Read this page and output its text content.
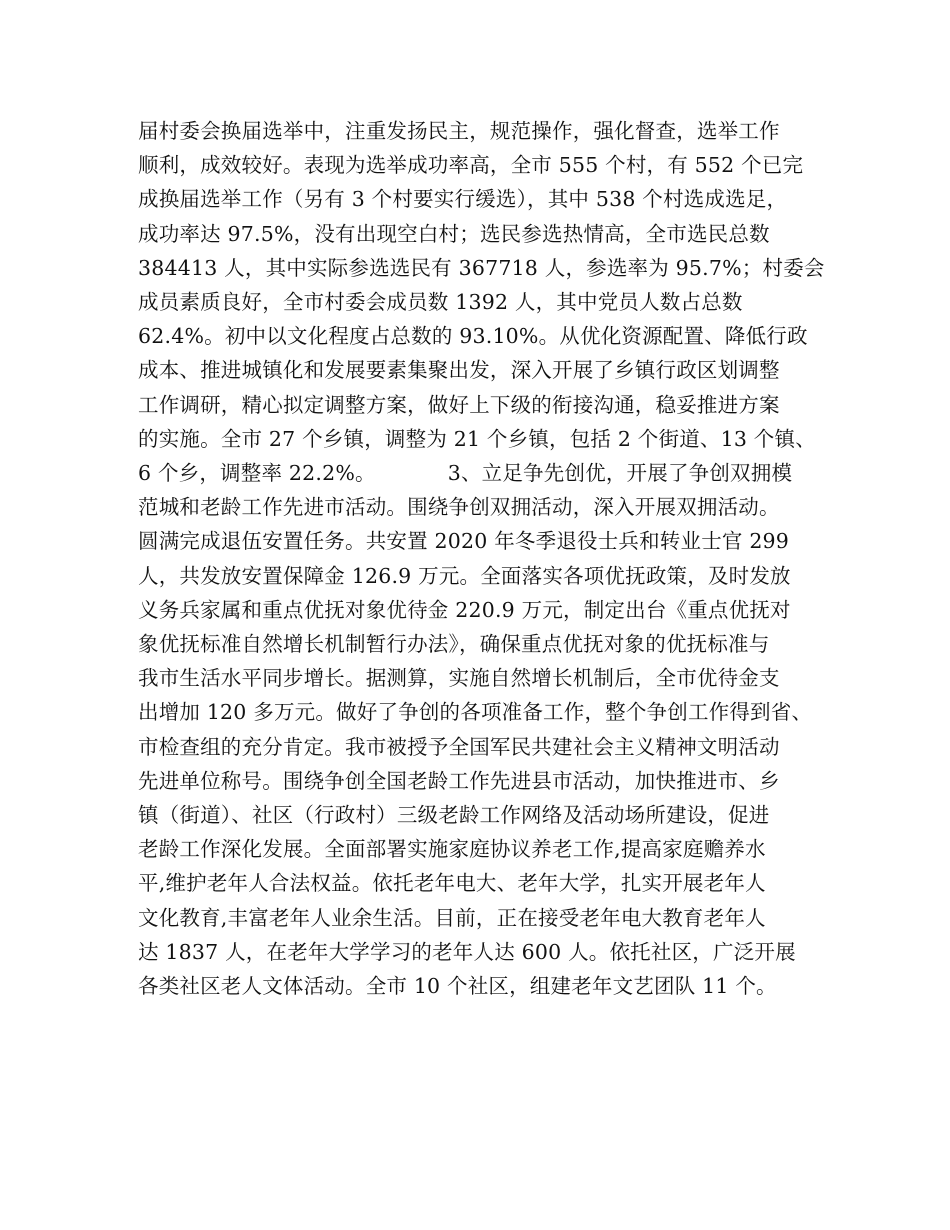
届村委会换届选举中，注重发扬民主，规范操作，强化督查，选举工作
顺利，成效较好。表现为选举成功率高，全市 555 个村，有 552 个已完
成换届选举工作（另有 3 个村要实行缓选），其中 538 个村选成选足，
成功率达 97.5%，没有出现空白村；选民参选热情高，全市选民总数
384413 人，其中实际参选选民有 367718 人，参选率为 95.7%；村委会
成员素质良好，全市村委会成员数 1392 人，其中党员人数占总数
62.4%。初中以文化程度占总数的 93.10%。从优化资源配置、降低行政
成本、推进城镇化和发展要素集聚出发，深入开展了乡镇行政区划调整
工作调研，精心拟定调整方案，做好上下级的衔接沟通，稳妥推进方案
的实施。全市 27 个乡镇，调整为 21 个乡镇，包括 2 个街道、13 个镇、
6 个乡，调整率 22.2%。	3、立足争先创优，开展了争创双拥模
范城和老龄工作先进市活动。围绕争创双拥活动，深入开展双拥活动。
圆满完成退伍安置任务。共安置 2020 年冬季退役士兵和转业士官 299
人，共发放安置保障金 126.9 万元。全面落实各项优抚政策，及时发放
义务兵家属和重点优抚对象优待金 220.9 万元，制定出台《重点优抚对
象优抚标准自然增长机制暂行办法》，确保重点优抚对象的优抚标准与
我市生活水平同步增长。据测算，实施自然增长机制后，全市优待金支
出增加 120 多万元。做好了争创的各项准备工作，整个争创工作得到省、
市检查组的充分肯定。我市被授予全国军民共建社会主义精神文明活动
先进单位称号。围绕争创全国老龄工作先进县市活动，加快推进市、乡
镇（街道）、社区（行政村）三级老龄工作网络及活动场所建设，促进
老龄工作深化发展。全面部署实施家庭协议养老工作,提高家庭赡养水
平,维护老年人合法权益。依托老年电大、老年大学，扎实开展老年人
文化教育,丰富老年人业余生活。目前，正在接受老年电大教育老年人
达 1837 人，在老年大学学习的老年人达 600 人。依托社区，广泛开展
各类社区老人文体活动。全市 10 个社区，组建老年文艺团队 11 个。
